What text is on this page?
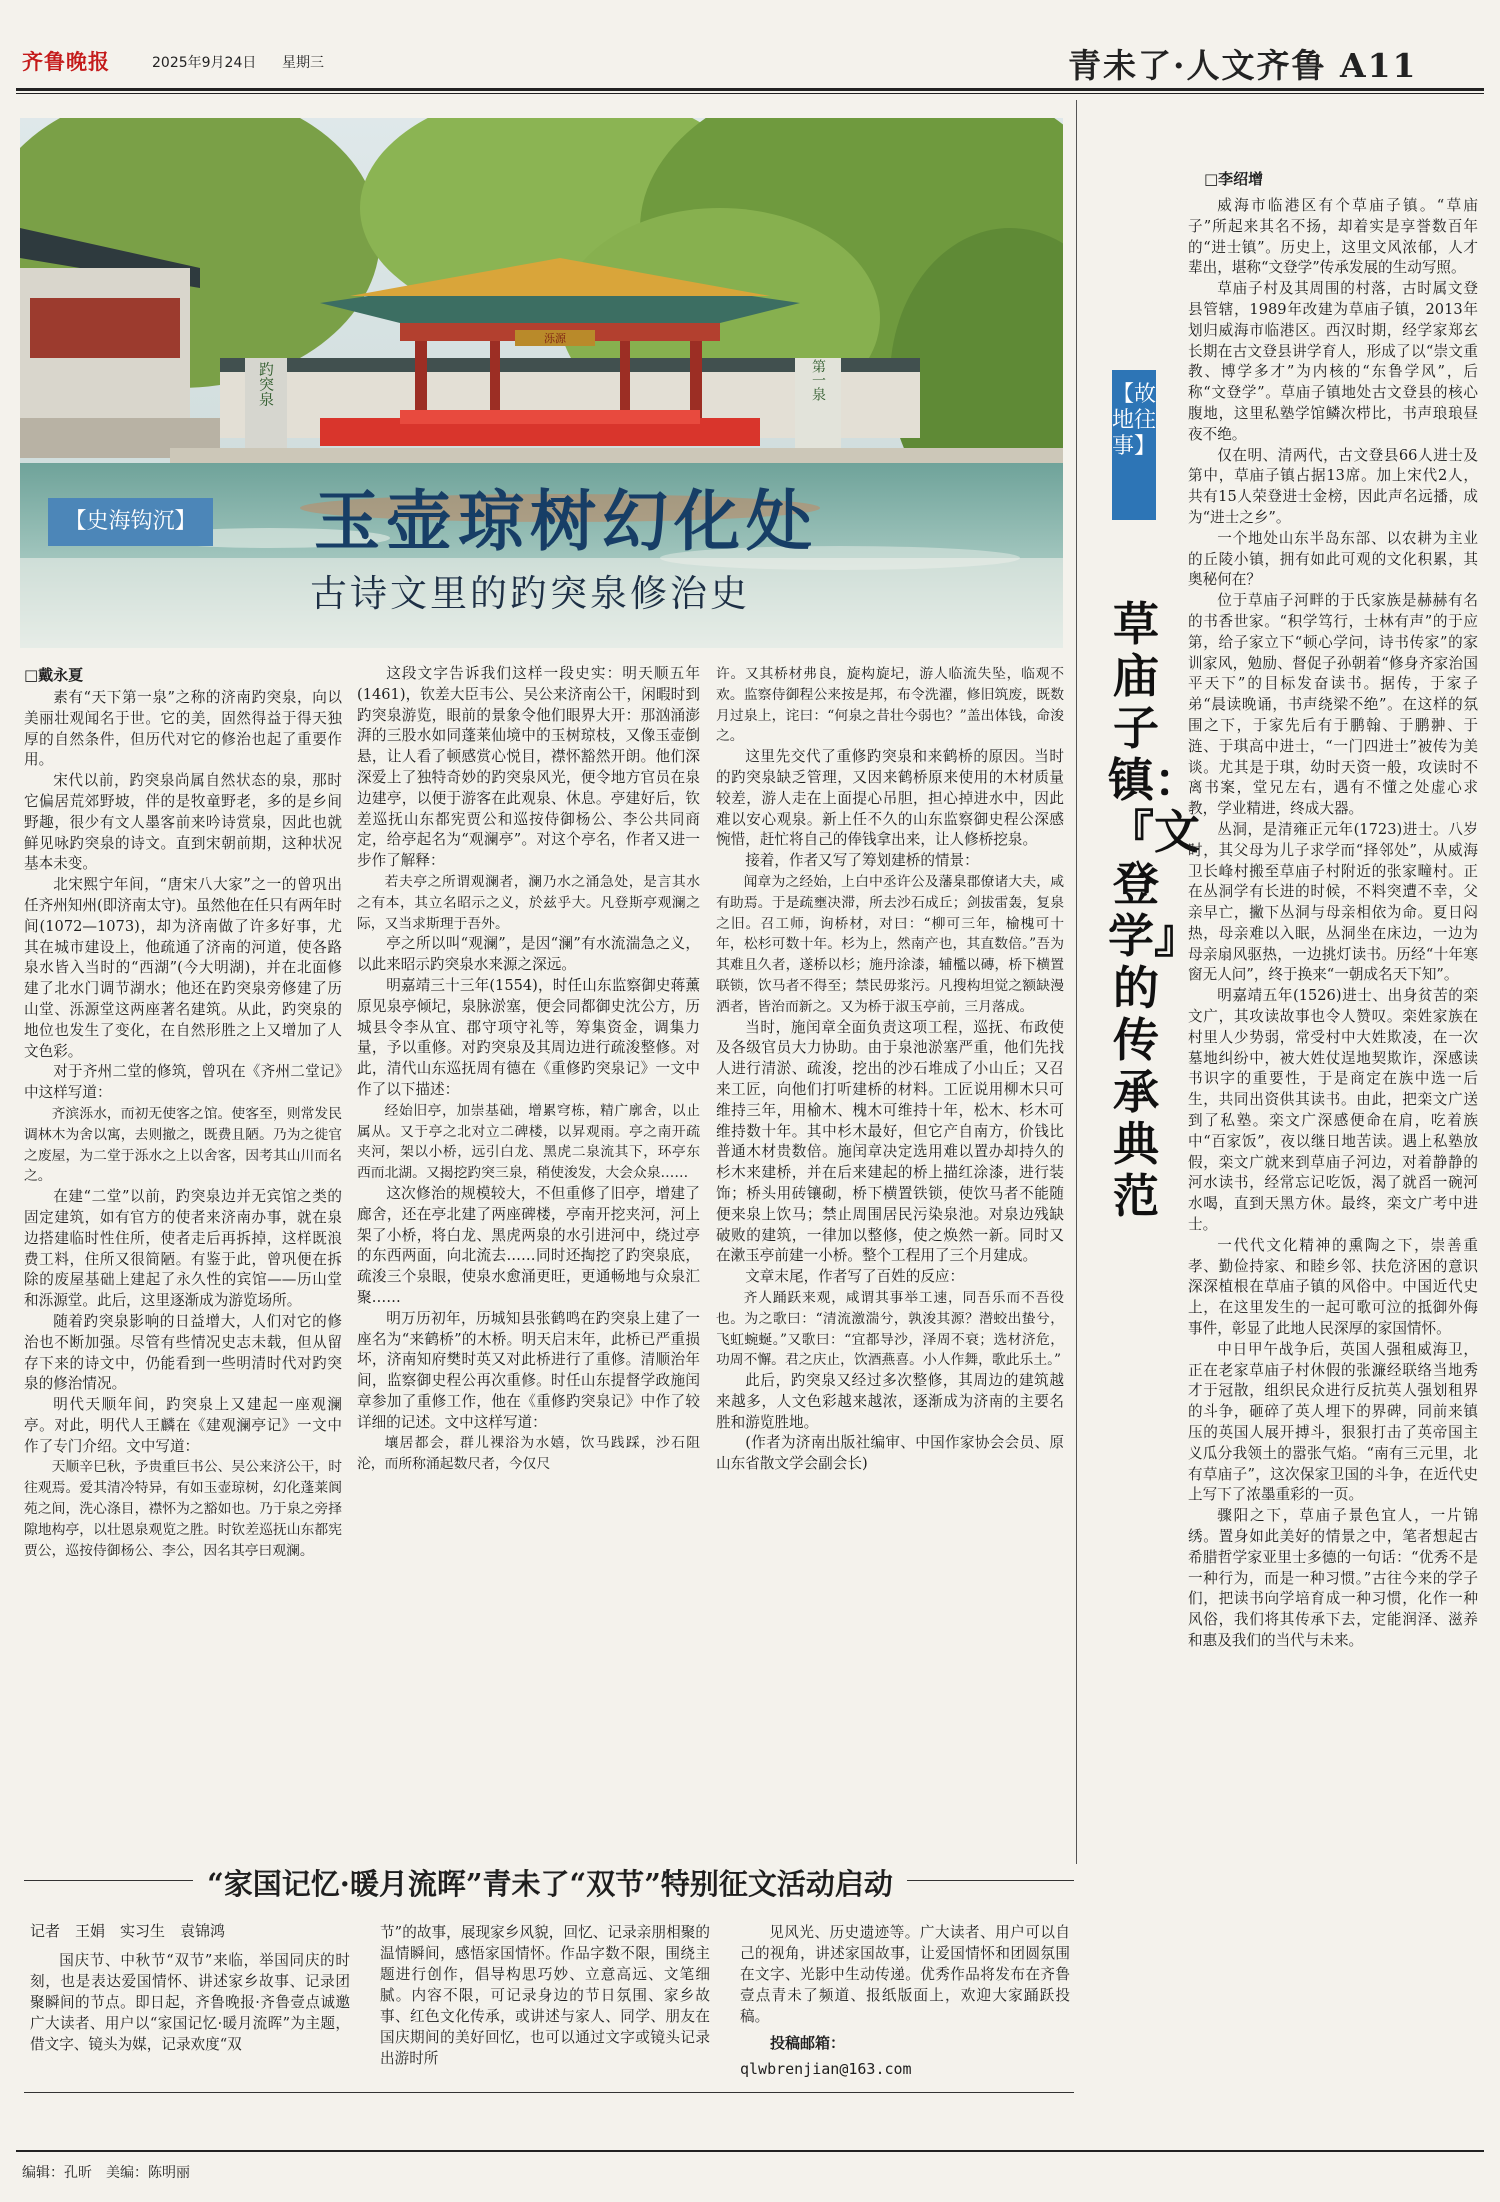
齐鲁晚报	2025年9月24日 星期三	青未了·人文齐鲁 A11
泺源
趵突泉	第一泉
【史海钩沉】 玉壶琼树幻化处
古诗文里的趵突泉修治史
□戴永夏

素有“天下第一泉”之称的济南趵突泉，向以美丽壮观闻名于世。它的美，固然得益于得天独厚的自然条件，但历代对它的修治也起了重要作用。

宋代以前，趵突泉尚属自然状态的泉，那时它偏居荒郊野坡，伴的是牧童野老，多的是乡间野趣，很少有文人墨客前来吟诗赏泉，因此也就鲜见咏趵突泉的诗文。直到宋朝前期，这种状况基本未变。

北宋熙宁年间，“唐宋八大家”之一的曾巩出任齐州知州(即济南太守)。虽然他在任只有两年时间(1072—1073)，却为济南做了许多好事，尤其在城市建设上，他疏通了济南的河道，使各路泉水皆入当时的“西湖”(今大明湖)，并在北面修建了北水门调节湖水；他还在趵突泉旁修建了历山堂、泺源堂这两座著名建筑。从此，趵突泉的地位也发生了变化，在自然形胜之上又增加了人文色彩。

对于齐州二堂的修筑，曾巩在《齐州二堂记》中这样写道：

齐滨泺水，而初无使客之馆。使客至，则常发民调林木为舍以寓，去则撤之，既费且陋。乃为之徙官之废屋，为二堂于泺水之上以舍客，因考其山川而名之。

在建“二堂”以前，趵突泉边并无宾馆之类的固定建筑，如有官方的使者来济南办事，就在泉边搭建临时性住所，使者走后再拆掉，这样既浪费工料，住所又很简陋。有鉴于此，曾巩便在拆除的废屋基础上建起了永久性的宾馆——历山堂和泺源堂。此后，这里逐渐成为游览场所。

随着趵突泉影响的日益增大，人们对它的修治也不断加强。尽管有些情况史志未载，但从留存下来的诗文中，仍能看到一些明清时代对趵突泉的修治情况。

明代天顺年间，趵突泉上又建起一座观澜亭。对此，明代人王麟在《建观澜亭记》一文中作了专门介绍。文中写道：

天顺辛巳秋，予贵重巨书公、吴公来济公干，时往观焉。爱其清冷特异，有如玉壶琼树，幻化蓬莱阆苑之间，洗心涤目，襟怀为之豁如也。乃于泉之旁择隙地构亭，以壮恩泉观览之胜。时钦差巡抚山东都宪贾公，巡按侍御杨公、李公，因名其亭曰观澜。

这段文字告诉我们这样一段史实：明天顺五年(1461)，钦差大臣韦公、吴公来济南公干，闲暇时到趵突泉游览，眼前的景象令他们眼界大开：那汹涌澎湃的三股水如同蓬莱仙境中的玉树琼枝，又像玉壶倒悬，让人看了顿感赏心悦目，襟怀豁然开朗。他们深深爱上了独特奇妙的趵突泉风光，便令地方官员在泉边建亭，以便于游客在此观泉、休息。亭建好后，钦差巡抚山东都宪贾公和巡按侍御杨公、李公共同商定，给亭起名为“观澜亭”。对这个亭名，作者又进一步作了解释：

若夫亭之所谓观澜者，澜乃水之涌急处，是言其水之有本，其立名昭示之义，於兹乎大。凡登斯亭观澜之际，又当求斯理于吾外。

亭之所以叫“观澜”，是因“澜”有水流湍急之义，以此来昭示趵突泉水来源之深远。

明嘉靖三十三年(1554)，时任山东监察御史蒋薰原见泉亭倾圮，泉脉淤塞，便会同都御史沈公方，历城县令李从宜、郡守项守礼等，筹集资金，调集力量，予以重修。对趵突泉及其周边进行疏浚整修。对此，清代山东巡抚周有德在《重修趵突泉记》一文中作了以下描述：

经始旧亭，加崇基础，增累穹栋，精广廓舍，以止属从。又于亭之北对立二碑楼，以昇观雨。亭之南开疏夹河，架以小桥，远引白龙、黑虎二泉流其下，环亭东西而北湖。又揭挖趵突三泉，稍使浚发，大会众泉……

这次修治的规模较大，不但重修了旧亭，增建了廊舍，还在亭北建了两座碑楼，亭南开挖夹河，河上架了小桥，将白龙、黑虎两泉的水引进河中，绕过亭的东西两面，向北流去……同时还掏挖了趵突泉底，疏浚三个泉眼，使泉水愈涌更旺，更通畅地与众泉汇聚……

明万历初年，历城知县张鹤鸣在趵突泉上建了一座名为“来鹤桥”的木桥。明天启末年，此桥已严重损坏，济南知府樊时英又对此桥进行了重修。清顺治年间，监察御史程公再次重修。时任山东提督学政施闰章参加了重修工作，他在《重修趵突泉记》中作了较详细的记述。文中这样写道：

壤居都会，群儿裸浴为水嬉，饮马践踩，沙石阻沦，而所称涌起数尺者，今仅尺

许。又其桥材弗良，旋构旋圮，游人临流失坠，临观不欢。监察侍御程公来按是邦，布令洗濯，修旧筑废，既数月过泉上，诧曰：“何泉之昔壮今弱也？”盖出体钱，命浚之。

这里先交代了重修趵突泉和来鹤桥的原因。当时的趵突泉缺乏管理，又因来鹤桥原来使用的木材质量较差，游人走在上面提心吊胆，担心掉进水中，因此难以安心观泉。新上任不久的山东监察御史程公深感惋惜，赶忙将自己的俸钱拿出来，让人修桥挖泉。

接着，作者又写了筹划建桥的情景：

闻章为之经始，上白中丞许公及藩臬郡僚诸大夫，咸有助焉。于是疏壅决滞，所去沙石成丘；剑拔雷轰，复泉之旧。召工师，询桥材，对曰：“柳可三年，榆槐可十年，松杉可数十年。杉为上，然南产也，其直数倍。”吾为其难且久者，遂桥以杉；施丹涂漆，辅檻以磚，桥下横置联锁，饮马者不得至；禁民毋浆污。凡搜构坦觉之额缺漫洒者，皆治而新之。又为桥于淑玉亭前，三月落成。

当时，施闰章全面负责这项工程，巡抚、布政使及各级官员大力协助。由于泉池淤塞严重，他们先找人进行清淤、疏浚，挖出的沙石堆成了小山丘；又召来工匠，向他们打听建桥的材料。工匠说用柳木只可维持三年，用榆木、槐木可维持十年，松木、杉木可维持数十年。其中杉木最好，但它产自南方，价钱比普通木材贵数倍。施闰章决定选用难以置办却持久的杉木来建桥，并在后来建起的桥上描红涂漆，进行装饰；桥头用砖镶砌，桥下横置铁锁，使饮马者不能随便来泉上饮马；禁止周围居民污染泉池。对泉边残缺破败的建筑，一律加以整修，使之焕然一新。同时又在漱玉亭前建一小桥。整个工程用了三个月建成。

文章末尾，作者写了百姓的反应：

齐人踊跃来观，咸谓其事举工速，同吾乐而不吾役也。为之歌曰：“清流激湍兮，孰浚其源？潜蛟出蛰兮，飞虹蜿蜒。”又歌曰：“宜都导沙，泽周不衰；选材济危，功周不懈。君之庆止，饮酒燕喜。小人作舞，歌此乐土。”

此后，趵突泉又经过多次整修，其周边的建筑越来越多，人文色彩越来越浓，逐渐成为济南的主要名胜和游览胜地。

(作者为济南出版社编审、中国作家协会会员、原山东省散文学会副会长)

【故地往事】
草庙子镇：『文登学』的传承典范
□李绍增

威海市临港区有个草庙子镇。“草庙子”所起来其名不扬，却着实是享誉数百年的“进士镇”。历史上，这里文风浓郁，人才辈出，堪称“文登学”传承发展的生动写照。

草庙子村及其周围的村落，古时属文登县管辖，1989年改建为草庙子镇，2013年划归威海市临港区。西汉时期，经学家郑玄长期在古文登县讲学育人，形成了以“崇文重教、博学多才”为内核的“东鲁学风”，后称“文登学”。草庙子镇地处古文登县的核心腹地，这里私塾学馆鳞次栉比，书声琅琅昼夜不绝。

仅在明、清两代，古文登县66人进士及第中，草庙子镇占据13席。加上宋代2人，共有15人荣登进士金榜，因此声名远播，成为“进士之乡”。

一个地处山东半岛东部、以农耕为主业的丘陵小镇，拥有如此可观的文化积累，其奥秘何在？

位于草庙子河畔的于氏家族是赫赫有名的书香世家。“积学笃行，士林有声”的于应第，给子家立下“顿心学问，诗书传家”的家训家风，勉励、督促子孙朝着“修身齐家治国平天下”的目标发奋读书。据传，于家子弟“晨读晚诵，书声绕梁不绝”。在这样的氛围之下，于家先后有于鹏翰、于鹏翀、于涟、于琪高中进士，“一门四进士”被传为美谈。尤其是于琪，幼时天资一般，攻读时不离书案，堂兄左右，遇有不懂之处虚心求教，学业精进，终成大器。

丛洞，是清雍正元年(1723)进士。八岁时，其父母为儿子求学而“择邻处”，从威海卫长峰村搬至草庙子村附近的张家疃村。正在丛洞学有长进的时候，不料突遭不幸，父亲早亡，撇下丛洞与母亲相依为命。夏日闷热，母亲难以入眠，丛洞坐在床边，一边为母亲扇风驱热，一边挑灯读书。历经“十年寒窗无人问”，终于换来“一朝成名天下知”。

明嘉靖五年(1526)进士、出身贫苦的栾文广，其攻读故事也令人赞叹。栾姓家族在村里人少势弱，常受村中大姓欺凌，在一次墓地纠纷中，被大姓仗逞地契欺诈，深感读书识字的重要性，于是商定在族中选一后生，共同出资供其读书。由此，把栾文广送到了私塾。栾文广深感便命在肩，吃着族中“百家饭”，夜以继日地苦读。遇上私塾放假，栾文广就来到草庙子河边，对着静静的河水读书，经常忘记吃饭，渴了就舀一碗河水喝，直到天黑方休。最终，栾文广考中进士。

一代代文化精神的熏陶之下，崇善重孝、勤俭持家、和睦乡邻、扶危济困的意识深深植根在草庙子镇的风俗中。中国近代史上，在这里发生的一起可歌可泣的抵御外侮事件，彰显了此地人民深厚的家国情怀。

中日甲午战争后，英国人强租威海卫，正在老家草庙子村休假的张濂经联络当地秀才于冠散，组织民众进行反抗英人强划租界的斗争，砸碎了英人埋下的界碑，同前来镇压的英国人展开搏斗，狠狠打击了英帝国主义瓜分我领土的嚣张气焰。“南有三元里，北有草庙子”，这次保家卫国的斗争，在近代史上写下了浓墨重彩的一页。

骤阳之下，草庙子景色宜人，一片锦绣。置身如此美好的情景之中，笔者想起古希腊哲学家亚里士多德的一句话：“优秀不是一种行为，而是一种习惯。”古往今来的学子们，把读书向学培育成一种习惯，化作一种风俗，我们将其传承下去，定能润泽、滋养和惠及我们的当代与未来。

“家国记忆·暖月流晖”青未了“双节”特别征文活动启动
记者　王娟　实习生　袁锦鸿

国庆节、中秋节“双节”来临，举国同庆的时刻，也是表达爱国情怀、讲述家乡故事、记录团聚瞬间的节点。即日起，齐鲁晚报·齐鲁壹点诚邀广大读者、用户以“家国记忆·暖月流晖”为主题，借文字、镜头为媒，记录欢度“双

节”的故事，展现家乡风貌，回忆、记录亲朋相聚的温情瞬间，感悟家国情怀。作品字数不限，围绕主题进行创作，倡导构思巧妙、立意高远、文笔细腻。内容不限，可记录身边的节日氛围、家乡故事、红色文化传承，或讲述与家人、同学、朋友在国庆期间的美好回忆，也可以通过文字或镜头记录出游时所

见风光、历史遗迹等。广大读者、用户可以自己的视角，讲述家国故事，让爱国情怀和团圆氛围在文字、光影中生动传递。优秀作品将发布在齐鲁壹点青未了频道、报纸版面上，欢迎大家踊跃投稿。

投稿邮箱：
qlwbrenjian@163.com
编辑：孔昕　美编：陈明丽
